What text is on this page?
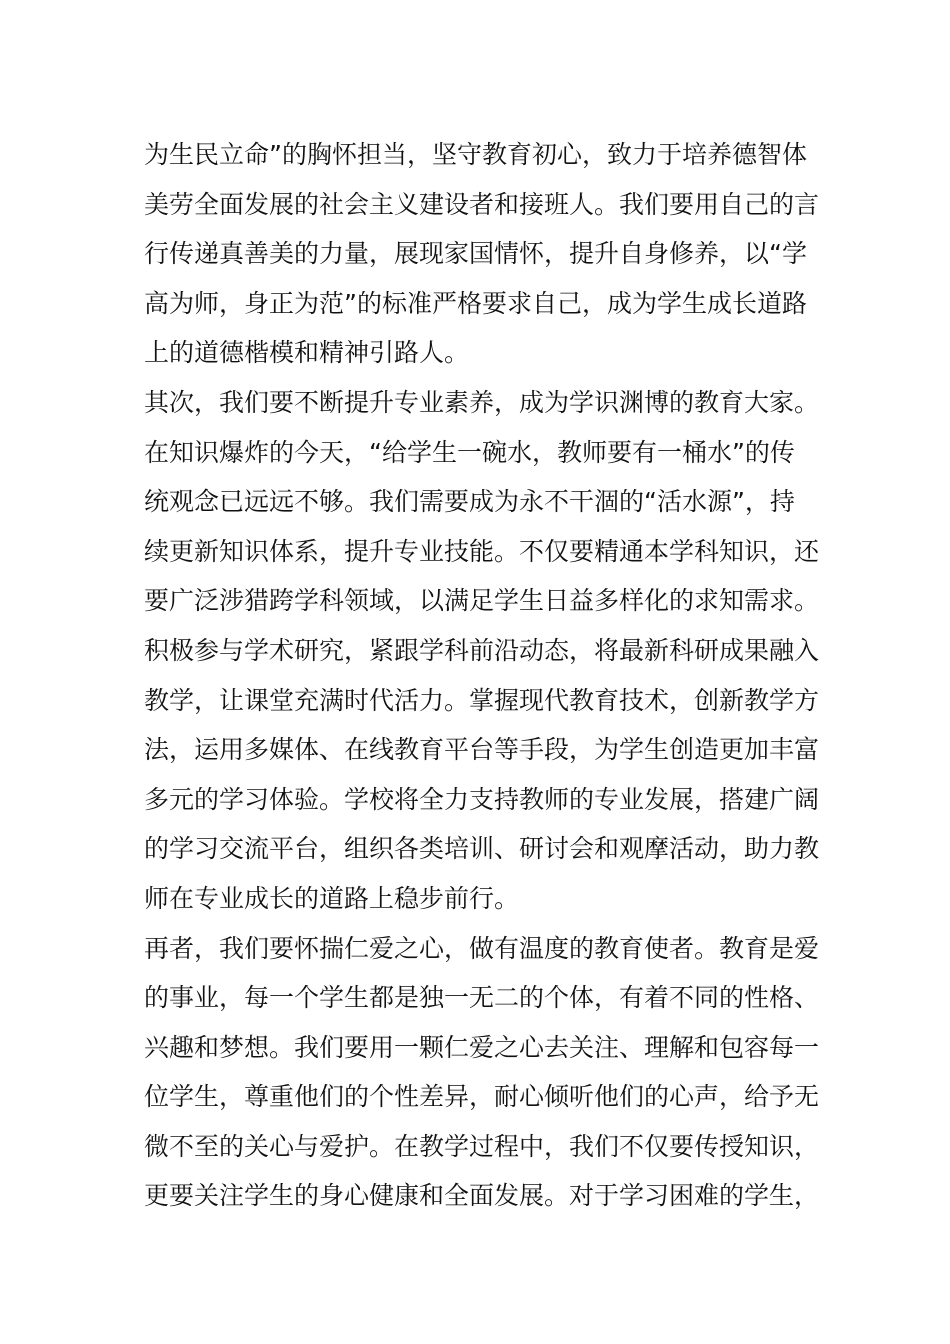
为生民立命”的胸怀担当，坚守教育初心，致力于培养德智体
美劳全面发展的社会主义建设者和接班人。我们要用自己的言
行传递真善美的力量，展现家国情怀，提升自身修养，以“学
高为师，身正为范”的标准严格要求自己，成为学生成长道路
上的道德楷模和精神引路人。
其次，我们要不断提升专业素养，成为学识渊博的教育大家。
在知识爆炸的今天，“给学生一碗水，教师要有一桶水”的传
统观念已远远不够。我们需要成为永不干涸的“活水源”，持
续更新知识体系，提升专业技能。不仅要精通本学科知识，还
要广泛涉猎跨学科领域，以满足学生日益多样化的求知需求。
积极参与学术研究，紧跟学科前沿动态，将最新科研成果融入
教学，让课堂充满时代活力。掌握现代教育技术，创新教学方
法，运用多媒体、在线教育平台等手段，为学生创造更加丰富
多元的学习体验。学校将全力支持教师的专业发展，搭建广阔
的学习交流平台，组织各类培训、研讨会和观摩活动，助力教
师在专业成长的道路上稳步前行。
再者，我们要怀揣仁爱之心，做有温度的教育使者。教育是爱
的事业，每一个学生都是独一无二的个体，有着不同的性格、
兴趣和梦想。我们要用一颗仁爱之心去关注、理解和包容每一
位学生，尊重他们的个性差异，耐心倾听他们的心声，给予无
微不至的关心与爱护。在教学过程中，我们不仅要传授知识，
更要关注学生的身心健康和全面发展。对于学习困难的学生，
